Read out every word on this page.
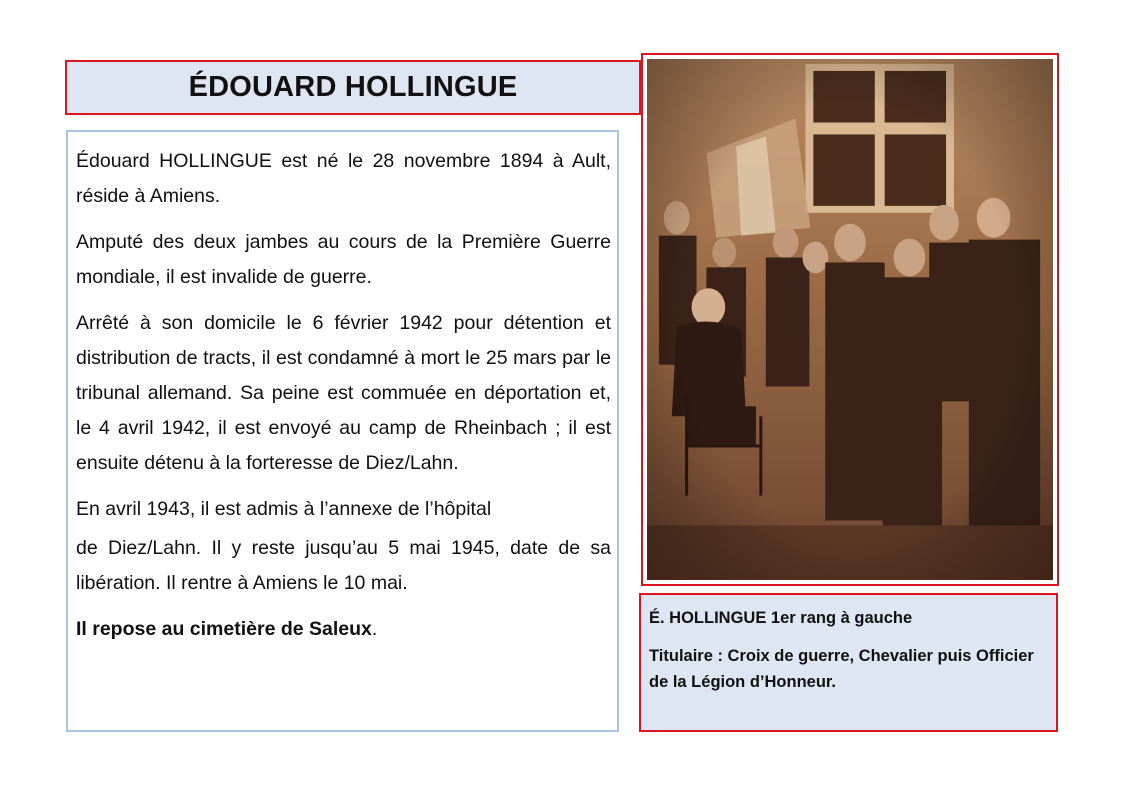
ÉDOUARD HOLLINGUE

Édouard HOLLINGUE est né le 28 novembre 1894 à Ault, réside à Amiens.

Amputé des deux jambes au cours de la Première Guerre mondiale, il est invalide de guerre.

Arrêté à son domicile le 6 février 1942 pour détention et distribution de tracts, il est condamné à mort le 25 mars par le tribunal allemand. Sa peine est commuée en déportation et, le 4 avril 1942, il est envoyé au camp de Rheinbach ; il est ensuite détenu à la forteresse de Diez/Lahn.

En avril 1943, il est admis à l’annexe de l’hôpital

de Diez/Lahn. Il y reste jusqu’au 5 mai 1945, date de sa libération. Il rentre à Amiens le 10 mai.

Il repose au cimetière de Saleux.	É. HOLLINGUE 1er rang à gauche

Titulaire : Croix de guerre, Chevalier puis Officier de la Légion d’Honneur.
